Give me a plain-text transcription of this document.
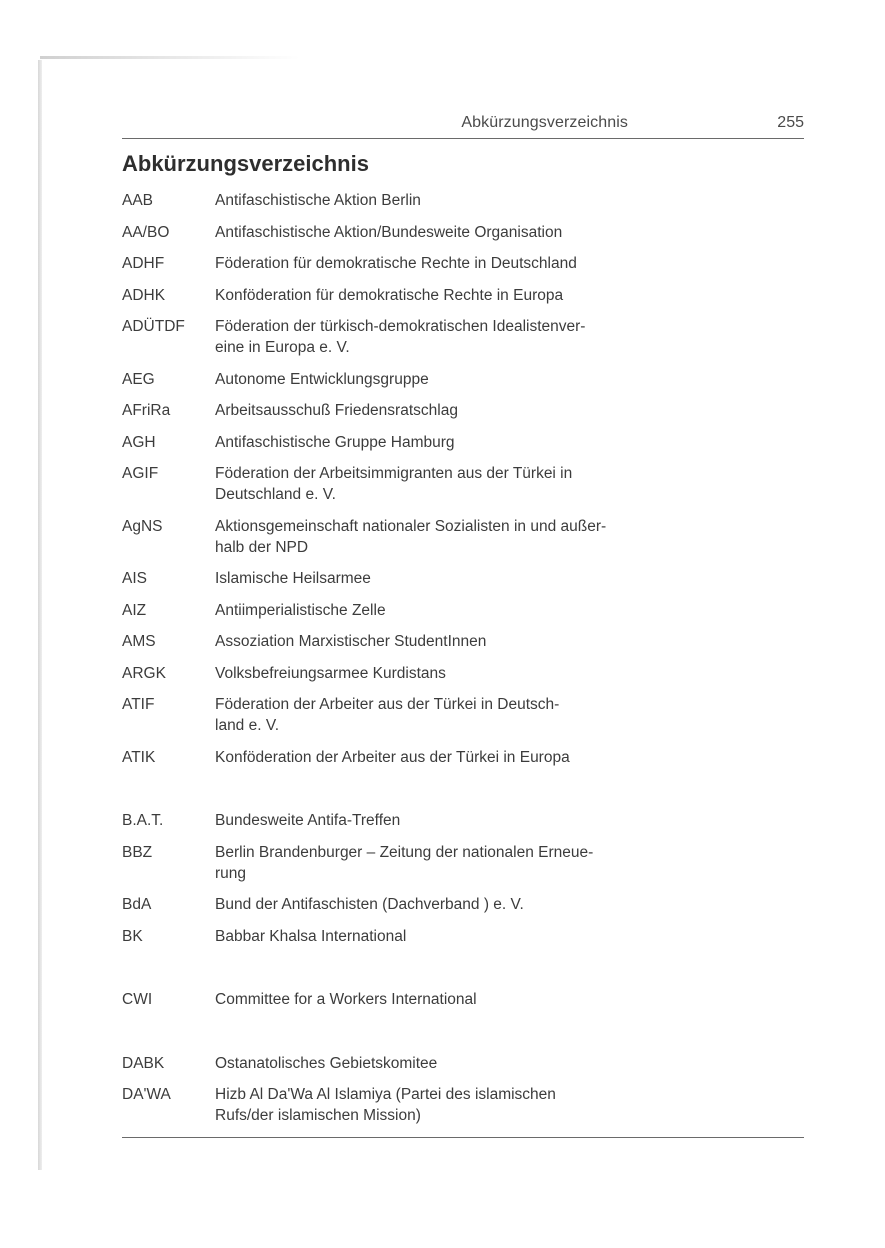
Abkürzungsverzeichnis	255
Abkürzungsverzeichnis
AAB	Antifaschistische Aktion Berlin
AA/BO	Antifaschistische Aktion/Bundesweite Organisation
ADHF	Föderation für demokratische Rechte in Deutschland
ADHK	Konföderation für demokratische Rechte in Europa
ADÜTDF	Föderation der türkisch-demokratischen Idealistenver-
eine in Europa e. V.
AEG	Autonome Entwicklungsgruppe
AFriRa	Arbeitsausschuß Friedensratschlag
AGH	Antifaschistische Gruppe Hamburg
AGIF	Föderation der Arbeitsimmigranten aus der Türkei in
Deutschland e. V.
AgNS	Aktionsgemeinschaft nationaler Sozialisten in und außer-
halb der NPD
AIS	Islamische Heilsarmee
AIZ	Antiimperialistische Zelle
AMS	Assoziation Marxistischer StudentInnen
ARGK	Volksbefreiungsarmee Kurdistans
ATIF	Föderation der Arbeiter aus der Türkei in Deutsch-
land e. V.
ATIK	Konföderation der Arbeiter aus der Türkei in Europa
B.A.T.	Bundesweite Antifa-Treffen
BBZ	Berlin Brandenburger – Zeitung der nationalen Erneue-
rung
BdA	Bund der Antifaschisten (Dachverband ) e. V.
BK	Babbar Khalsa International
CWI	Committee for a Workers International
DABK	Ostanatolisches Gebietskomitee
DA'WA	Hizb Al Da'Wa Al Islamiya (Partei des islamischen
Rufs/der islamischen Mission)
